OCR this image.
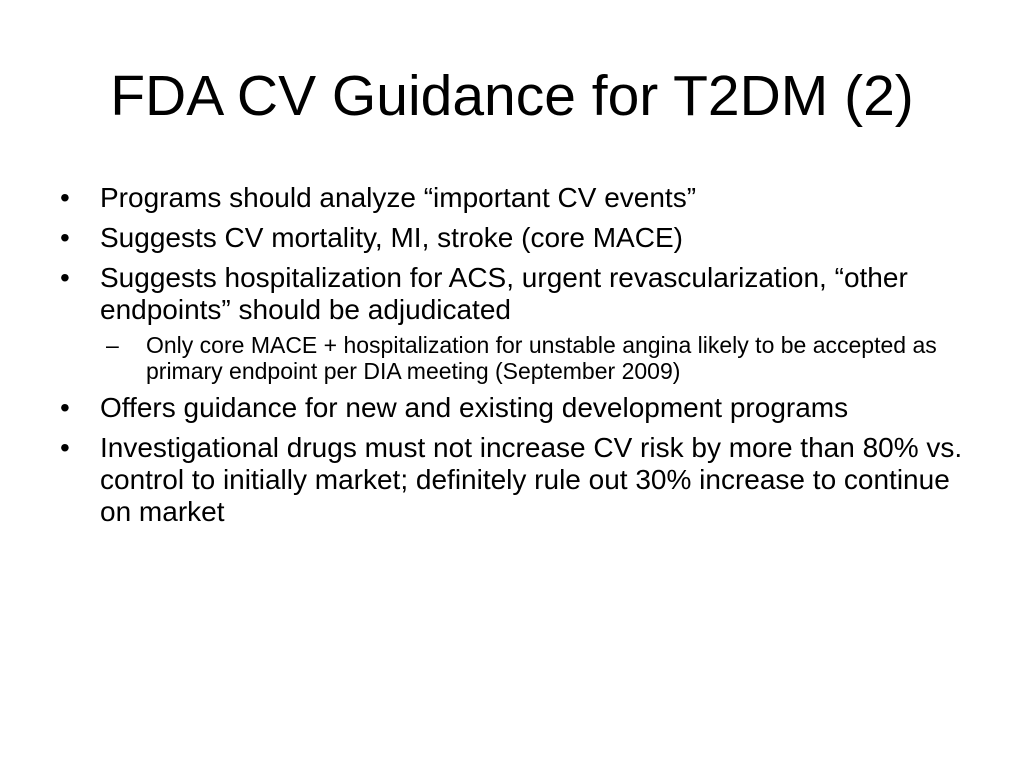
FDA CV Guidance for T2DM (2)
•	Programs should analyze “important CV events”
•	Suggests CV mortality, MI, stroke (core MACE)
•	Suggests hospitalization for ACS, urgent revascularization, “other endpoints” should be adjudicated
–	Only core MACE + hospitalization for unstable angina likely to be accepted as primary endpoint per DIA meeting (September 2009)
•	Offers guidance for new and existing development programs
•	Investigational drugs must not increase CV risk by more than 80% vs. control to initially market; definitely rule out 30% increase to continue on market
